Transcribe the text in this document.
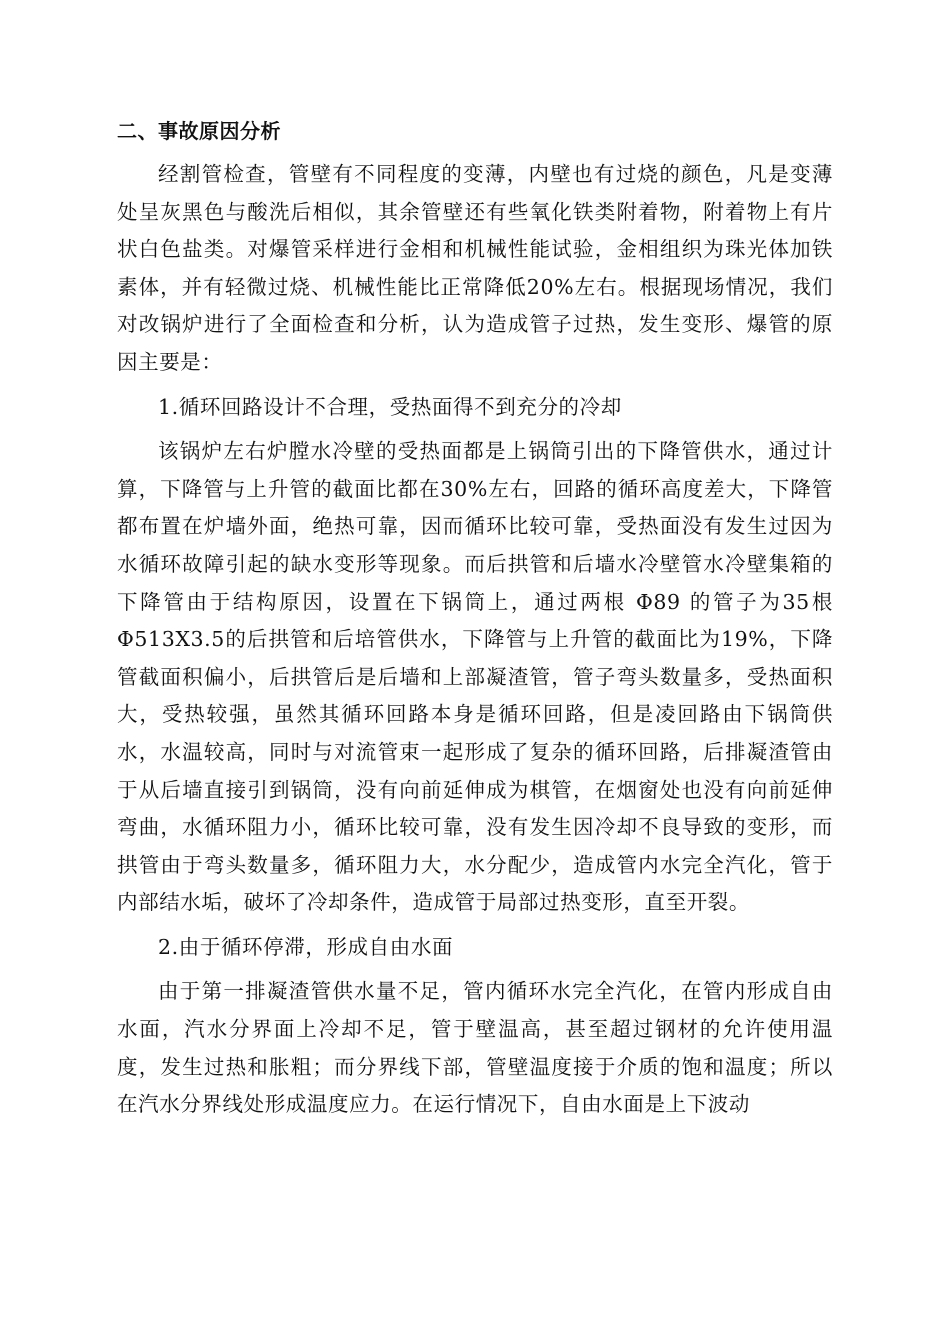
二、事故原因分析

经割管检查，管壁有不同程度的变薄，内壁也有过烧的颜色，凡是变薄处呈灰黑色与酸洗后相似，其余管壁还有些氧化铁类附着物，附着物上有片状白色盐类。对爆管采样进行金相和机械性能试验，金相组织为珠光体加铁素体，并有轻微过烧、机械性能比正常降低20%左右。根据现场情况，我们对改锅炉进行了全面检查和分析，认为造成管子过热，发生变形、爆管的原因主要是：

1.循环回路设计不合理，受热面得不到充分的冷却

该锅炉左右炉膛水冷壁的受热面都是上锅筒引出的下降管供水，通过计算，下降管与上升管的截面比都在30%左右，回路的循环高度差大，下降管都布置在炉墙外面，绝热可靠，因而循环比较可靠，受热面没有发生过因为水循环故障引起的缺水变形等现象。而后拱管和后墙水冷壁管水冷壁集箱的下降管由于结构原因，设置在下锅筒上，通过两根 Φ89 的管子为35根 Φ513X3.5的后拱管和后培管供水，下降管与上升管的截面比为19%，下降管截面积偏小，后拱管后是后墙和上部凝渣管，管子弯头数量多，受热面积大，受热较强，虽然其循环回路本身是循环回路，但是凌回路由下锅筒供水，水温较高，同时与对流管束一起形成了复杂的循环回路，后排凝渣管由于从后墙直接引到锅筒，没有向前延伸成为棋管，在烟窗处也没有向前延伸弯曲，水循环阻力小，循环比较可靠，没有发生因冷却不良导致的变形，而拱管由于弯头数量多，循环阻力大，水分配少，造成管内水完全汽化，管于内部结水垢，破坏了冷却条件，造成管于局部过热变形，直至开裂。

2.由于循环停滞，形成自由水面

由于第一排凝渣管供水量不足，管内循环水完全汽化，在管内形成自由水面，汽水分界面上冷却不足，管于壁温高，甚至超过钢材的允许使用温度，发生过热和胀粗；而分界线下部，管壁温度接于介质的饱和温度；所以在汽水分界线处形成温度应力。在运行情况下，自由水面是上下波动
